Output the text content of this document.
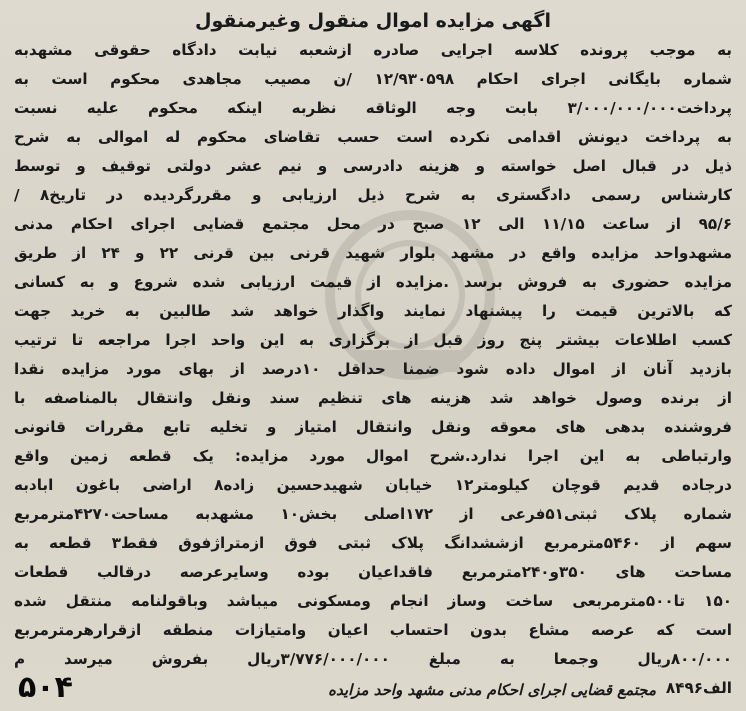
اگهی مزایده اموال منقول وغیرمنقول
به موجب پرونده کلاسه اجرایی صادره ازشعبه نیابت دادگاه حقوقی مشهدبه
شماره بایگانی اجرای احکام ۱۲/۹۳۰۵۹۸ /ن مصیب مجاهدی محکوم است به
پرداخت۳/۰۰۰/۰۰۰/۰۰۰ بابت وجه الوثاقه نظربه اینکه محکوم علیه نسبت
به پرداخت دیونش اقدامی نکرده است حسب تقاضای محکوم له اموالی به شرح
ذیل در قبال اصل خواسته و هزینه دادرسی و نیم عشر دولتی توقیف و توسط
کارشناس رسمی دادگستری به شرح ذیل ارزیابی و مقررگردیده در تاریخ۸ /
۹۵/۶ از ساعت ۱۱/۱۵ الی ۱۲ صبح در محل مجتمع قضایی اجرای احکام مدنی
مشهدواحد مزایده واقع در مشهد بلوار شهید قرنی بین قرنی ۲۲ و ۲۴ از طریق
مزایده حضوری به فروش برسد .مزایده از قیمت ارزیابی شده شروع و به کسانی
که بالاترین قیمت را پیشنهاد نمایند واگذار خواهد شد طالبین به خرید جهت
کسب اطلاعات بیشتر پنج روز قبل از برگزاری به این واحد اجرا مراجعه تا ترتیب
بازدید آنان از اموال داده شود ضمنا حداقل ۱۰درصد از بهای مورد مزایده نقدا
از برنده وصول خواهد شد هزینه های تنظیم سند ونقل وانتقال بالمناصفه با
فروشنده بدهی های معوقه ونقل وانتقال امتیاز و تخلیه تابع مقررات قانونی
وارتباطی به این اجرا ندارد.شرح اموال مورد مزایده: یک قطعه زمین واقع
درجاده قدیم قوچان کیلومتر۱۲ خیابان شهیدحسین زاده۸ اراضی باغون ابادبه
شماره پلاک ثبتی۵۱فرعی از ۱۷۲اصلی بخش۱۰ مشهدبه مساحت۴۲۷۰مترمربع
سهم از ۵۴۶۰مترمربع ازششدانگ پلاک ثبتی فوق ازمتراژفوق فقط۳ قطعه به
مساحت های ۳۵۰و۲۴۰مترمربع فاقداعیان بوده وسایرعرصه درقالب قطعات
۱۵۰ تا۵۰۰مترمربعی ساخت وساز انجام ومسکونی میباشد وباقولنامه منتقل شده
است که عرصه مشاع بدون احتساب اعیان وامتیازات منطقه ازقرارهرمترمربع
۸۰۰/۰۰۰ریال وجمعا به مبلغ ۳/۷۷۶/۰۰۰/۰۰۰ریال بفروش میرسد م
الف۸۴۹۶
مجتمع قضایی اجرای احکام مدنی مشهد واحد مزایده
۵۰۴
